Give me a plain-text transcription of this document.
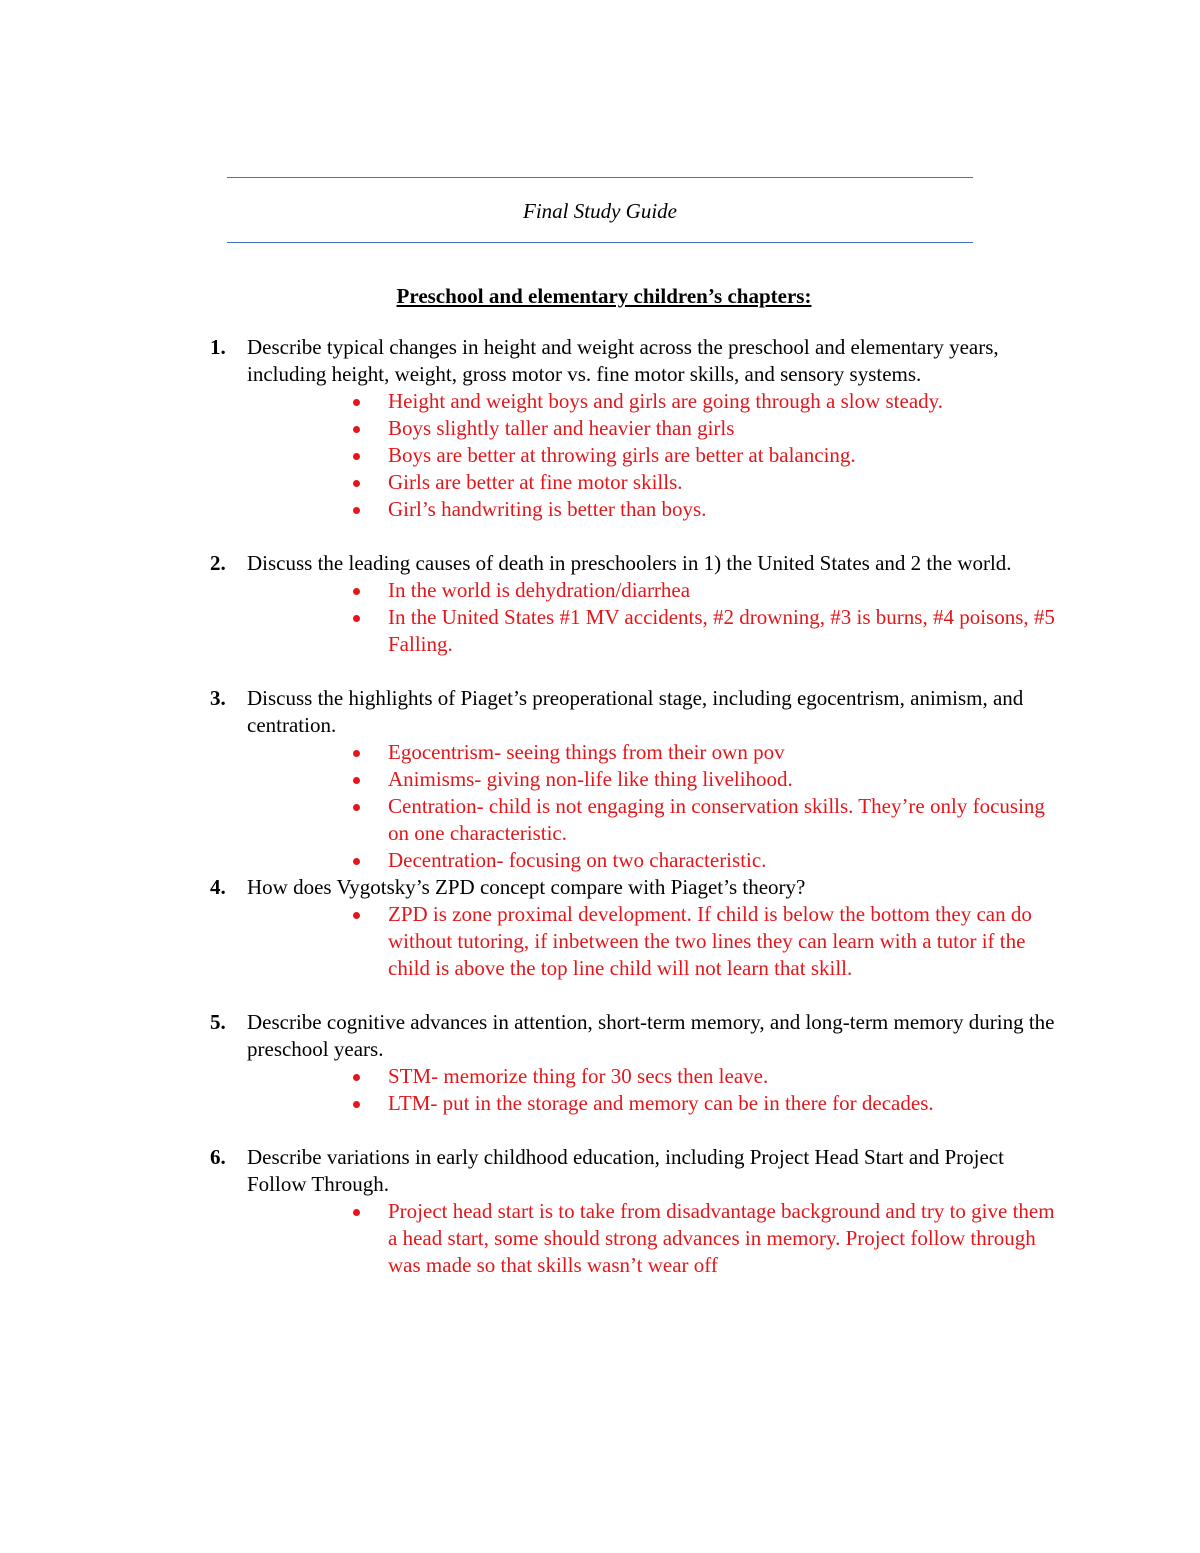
Final Study Guide
Preschool and elementary children’s chapters:
1. Describe typical changes in height and weight across the preschool and elementary years, including height, weight, gross motor vs. fine motor skills, and sensory systems.
Height and weight boys and girls are going through a slow steady.
Boys slightly taller and heavier than girls
Boys are better at throwing girls are better at balancing.
Girls are better at fine motor skills.
Girl’s handwriting is better than boys.
2. Discuss the leading causes of death in preschoolers in 1) the United States and 2 the world.
In the world is dehydration/diarrhea
In the United States #1 MV accidents, #2 drowning, #3 is burns, #4 poisons, #5 Falling.
3. Discuss the highlights of Piaget’s preoperational stage, including egocentrism, animism, and centration.
Egocentrism- seeing things from their own pov
Animisms- giving non-life like thing livelihood.
Centration- child is not engaging in conservation skills. They’re only focusing on one characteristic.
Decentration- focusing on two characteristic.
4. How does Vygotsky’s ZPD concept compare with Piaget’s theory?
ZPD is zone proximal development. If child is below the bottom they can do without tutoring, if inbetween the two lines they can learn with a tutor if the child is above the top line child will not learn that skill.
5. Describe cognitive advances in attention, short-term memory, and long-term memory during the preschool years.
STM- memorize thing for 30 secs then leave.
LTM- put in the storage and memory can be in there for decades.
6. Describe variations in early childhood education, including Project Head Start and Project Follow Through.
Project head start is to take from disadvantage background and try to give them a head start, some should strong advances in memory. Project follow through was made so that skills wasn’t wear off
